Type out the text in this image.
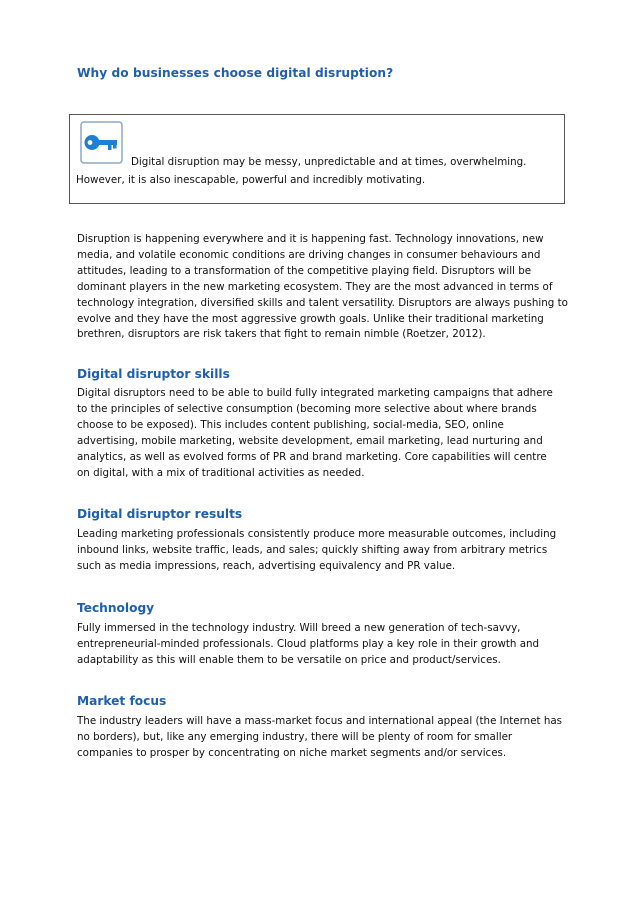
Why do businesses choose digital disruption?
Digital disruption may be messy, unpredictable and at times, overwhelming.
However, it is also inescapable, powerful and incredibly motivating.
Disruption is happening everywhere and it is happening fast. Technology innovations, new
media, and volatile economic conditions are driving changes in consumer behaviours and
attitudes, leading to a transformation of the competitive playing field. Disruptors will be
dominant players in the new marketing ecosystem. They are the most advanced in terms of
technology integration, diversified skills and talent versatility. Disruptors are always pushing to
evolve and they have the most aggressive growth goals. Unlike their traditional marketing
brethren, disruptors are risk takers that fight to remain nimble (Roetzer, 2012).
Digital disruptor skills
Digital disruptors need to be able to build fully integrated marketing campaigns that adhere
to the principles of selective consumption (becoming more selective about where brands
choose to be exposed). This includes content publishing, social-media, SEO, online
advertising, mobile marketing, website development, email marketing, lead nurturing and
analytics, as well as evolved forms of PR and brand marketing. Core capabilities will centre
on digital, with a mix of traditional activities as needed.
Digital disruptor results
Leading marketing professionals consistently produce more measurable outcomes, including
inbound links, website traffic, leads, and sales; quickly shifting away from arbitrary metrics
such as media impressions, reach, advertising equivalency and PR value.
Technology
Fully immersed in the technology industry. Will breed a new generation of tech-savvy,
entrepreneurial-minded professionals. Cloud platforms play a key role in their growth and
adaptability as this will enable them to be versatile on price and product/services.
Market focus
The industry leaders will have a mass-market focus and international appeal (the Internet has
no borders), but, like any emerging industry, there will be plenty of room for smaller
companies to prosper by concentrating on niche market segments and/or services.
